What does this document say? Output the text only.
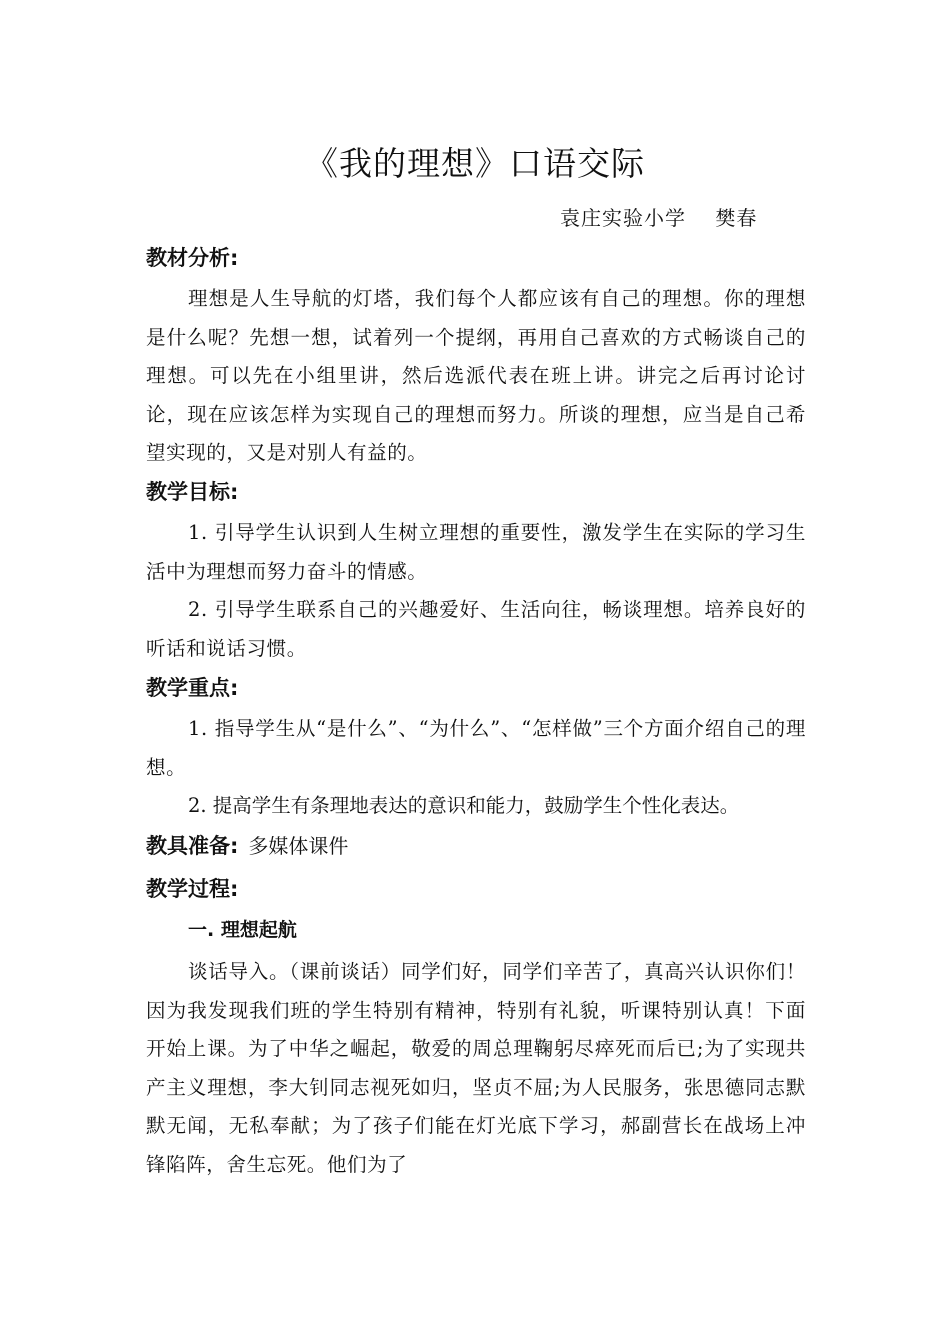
《我的理想》口语交际
袁庄实验小学    樊春
教材分析:
理想是人生导航的灯塔，我们每个人都应该有自己的理想。你的理想是什么呢？先想一想，试着列一个提纲，再用自己喜欢的方式畅谈自己的理想。可以先在小组里讲，然后选派代表在班上讲。讲完之后再讨论讨论，现在应该怎样为实现自己的理想而努力。所谈的理想，应当是自己希望实现的，又是对别人有益的。
教学目标:
1. 引导学生认识到人生树立理想的重要性，激发学生在实际的学习生活中为理想而努力奋斗的情感。
2. 引导学生联系自己的兴趣爱好、生活向往，畅谈理想。培养良好的听话和说话习惯。
教学重点:
1. 指导学生从“是什么”、“为什么”、“怎样做”三个方面介绍自己的理想。
2. 提高学生有条理地表达的意识和能力，鼓励学生个性化表达。
教具准备: 多媒体课件
教学过程:
一. 理想起航
谈话导入。（课前谈话）同学们好，同学们辛苦了，真高兴认识你们！因为我发现我们班的学生特别有精神，特别有礼貌，听课特别认真！下面开始上课。为了中华之崛起，敬爱的周总理鞠躬尽瘁死而后已;为了实现共产主义理想，李大钊同志视死如归，坚贞不屈;为人民服务，张思德同志默默无闻，无私奉献；为了孩子们能在灯光底下学习，郝副营长在战场上冲锋陷阵，舍生忘死。他们为了
